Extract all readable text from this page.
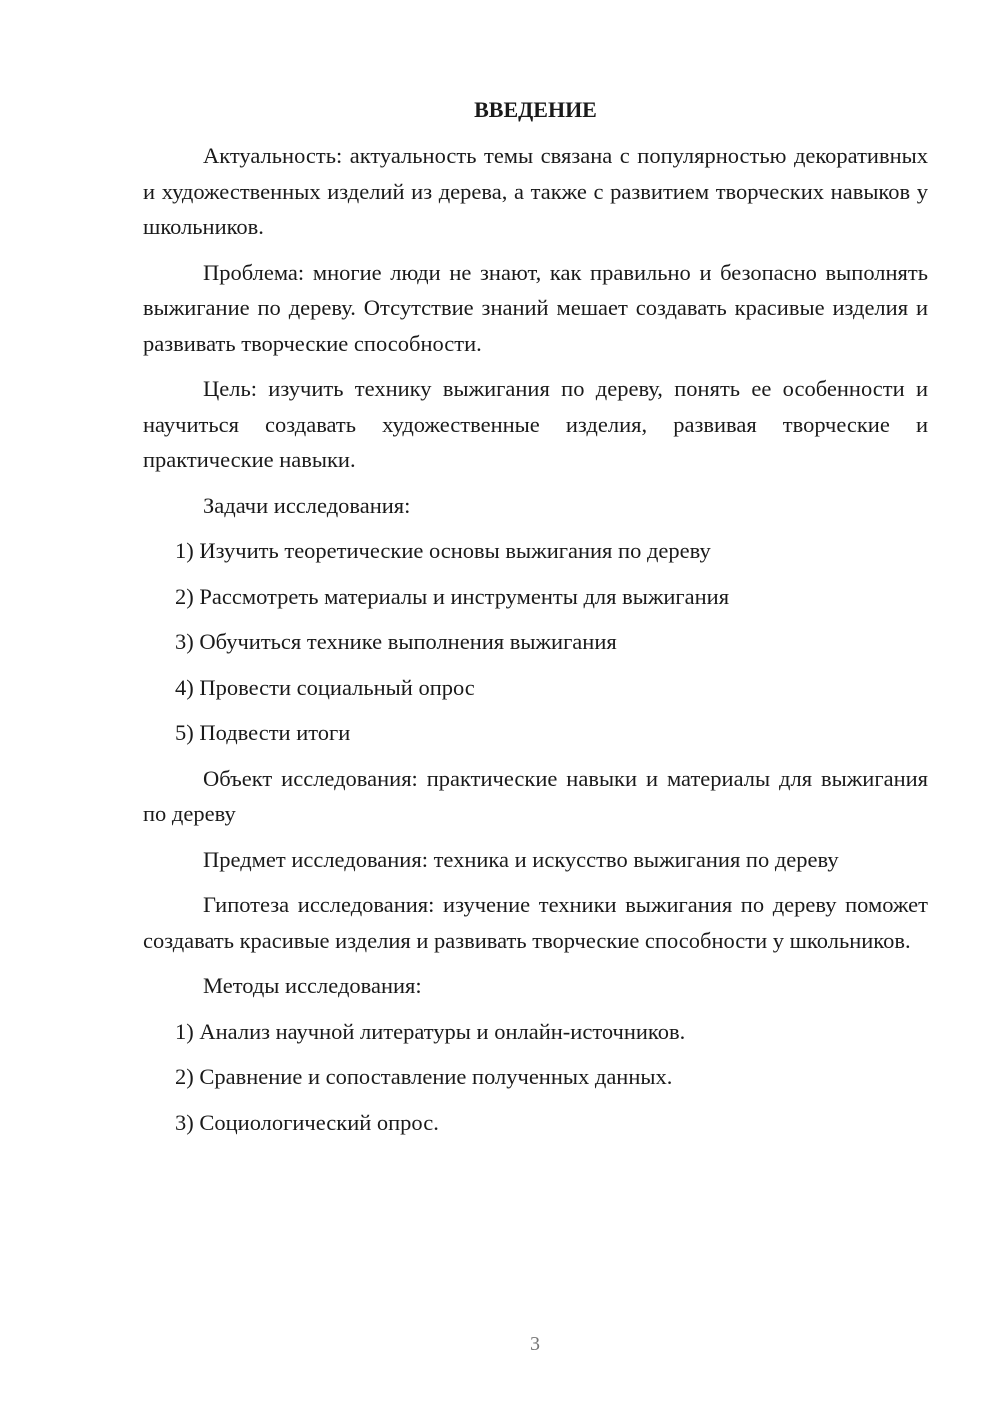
ВВЕДЕНИЕ
Актуальность: актуальность темы связана с популярностью декоративных и художественных изделий из дерева, а также с развитием творческих навыков у школьников.
Проблема: многие люди не знают, как правильно и безопасно выполнять выжигание по дереву. Отсутствие знаний мешает создавать красивые изделия и развивать творческие способности.
Цель: изучить технику выжигания по дереву, понять ее особенности и научиться создавать художественные изделия, развивая творческие и практические навыки.
Задачи исследования:
1) Изучить теоретические основы выжигания по дереву
2) Рассмотреть материалы и инструменты для выжигания
3) Обучиться технике выполнения выжигания
4) Провести социальный опрос
5) Подвести итоги
Объект исследования: практические навыки и материалы для выжигания по дереву
Предмет исследования: техника и искусство выжигания по дереву
Гипотеза исследования: изучение техники выжигания по дереву поможет создавать красивые изделия и развивать творческие способности у школьников.
Методы исследования:
1) Анализ научной литературы и онлайн-источников.
2) Сравнение и сопоставление полученных данных.
3) Социологический опрос.
3
